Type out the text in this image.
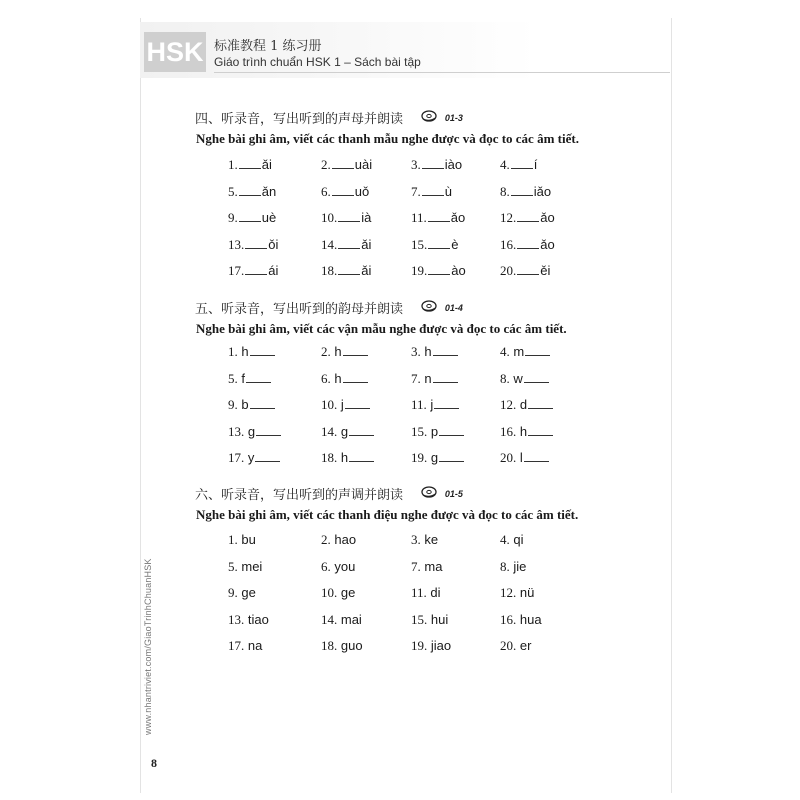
HSK 标准教程 1 练习册
Giáo trình chuẩn HSK 1 – Sách bài tập
四、听录音，写出听到的声母并朗读	01-3
Nghe bài ghi âm, viết các thanh mẫu nghe được và đọc to các âm tiết.
1. ǎi	2. uài	3. iào	4. í
5. ǎn	6. uǒ	7. ù	8. iǎo
9. uè	10. ià	11. ǎo	12. ǎo
13. ǒi	14. ǎi	15. è	16. ǎo
17. ái	18. ǎi	19. ào	20. ěi
五、听录音，写出听到的韵母并朗读	01-4
Nghe bài ghi âm, viết các vận mẫu nghe được và đọc to các âm tiết.
1. h	2. h	3. h	4. m
5. f	6. h	7. n	8. w
9. b	10. j	11. j	12. d
13. g	14. g	15. p	16. h
17. y	18. h	19. g	20. l
六、听录音，写出听到的声调并朗读	01-5
Nghe bài ghi âm, viết các thanh điệu nghe được và đọc to các âm tiết.
1. bu	2. hao	3. ke	4. qi
5. mei	6. you	7. ma	8. jie
9. ge	10. ge	11. di	12. nü
13. tiao	14. mai	15. hui	16. hua
17. na	18. guo	19. jiao	20. er
www.nhantriviet.com/GiaoTrinhChuanHSK
8
